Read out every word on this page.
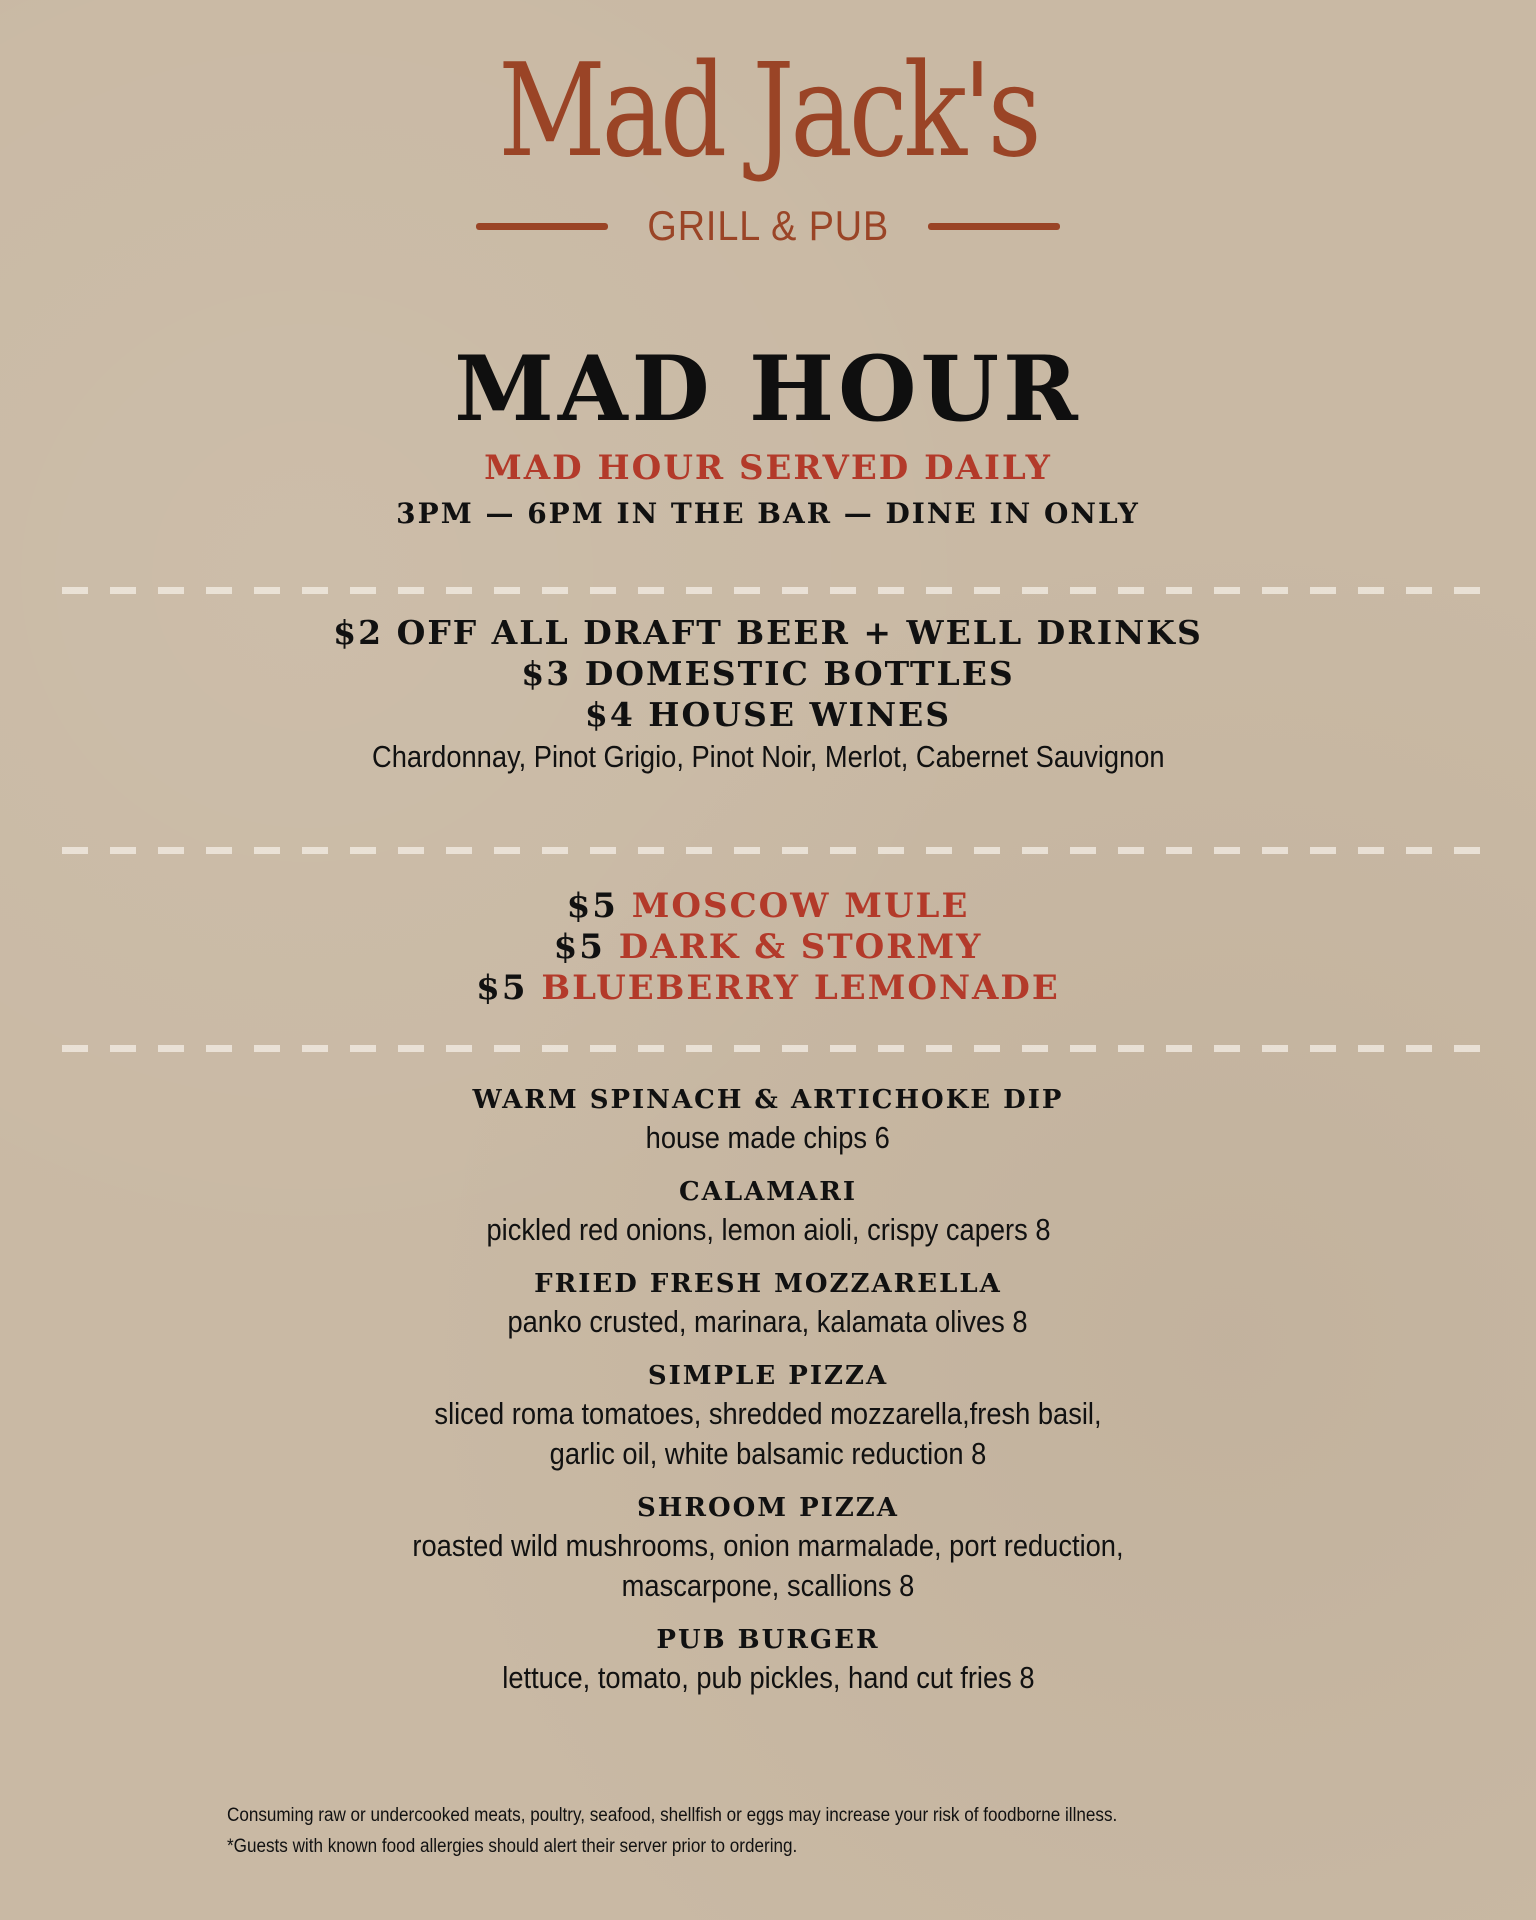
Mad Jack's
GRILL & PUB
MAD HOUR
MAD HOUR SERVED DAILY
3PM — 6PM IN THE BAR — DINE IN ONLY
$2 OFF ALL DRAFT BEER + WELL DRINKS
$3 DOMESTIC BOTTLES
$4 HOUSE WINES
Chardonnay, Pinot Grigio, Pinot Noir, Merlot, Cabernet Sauvignon
$5 MOSCOW MULE
$5 DARK & STORMY
$5 BLUEBERRY LEMONADE
WARM SPINACH & ARTICHOKE DIP
house made chips 6
CALAMARI
pickled red onions, lemon aioli, crispy capers 8
FRIED FRESH MOZZARELLA
panko crusted, marinara, kalamata olives 8
SIMPLE PIZZA
sliced roma tomatoes, shredded mozzarella,fresh basil, garlic oil, white balsamic reduction 8
SHROOM PIZZA
roasted wild mushrooms, onion marmalade, port reduction, mascarpone, scallions 8
PUB BURGER
lettuce, tomato, pub pickles, hand cut fries 8
Consuming raw or undercooked meats, poultry, seafood, shellfish or eggs may increase your risk of foodborne illness.
*Guests with known food allergies should alert their server prior to ordering.
